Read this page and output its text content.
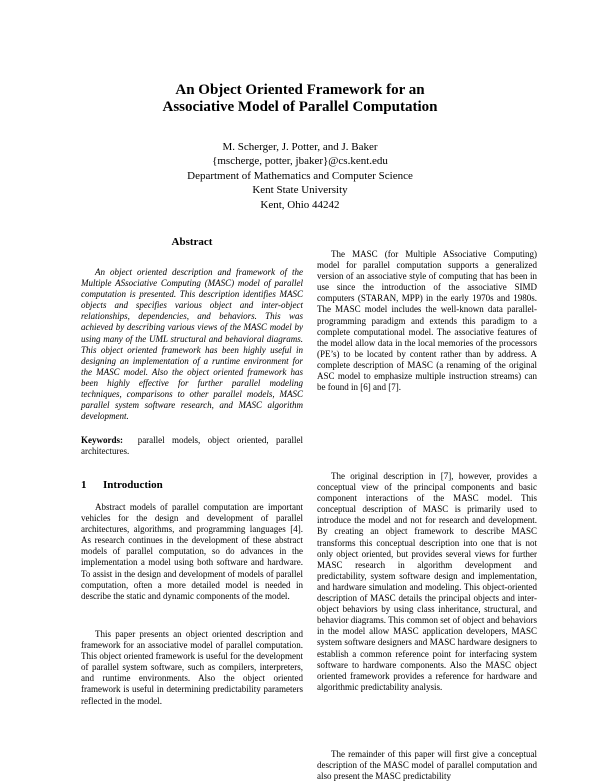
An Object Oriented Framework for an
Associative Model of Parallel Computation
M. Scherger, J. Potter, and J. Baker
{mscherge, potter, jbaker}@cs.kent.edu
Department of Mathematics and Computer Science
Kent State University
Kent, Ohio 44242
Abstract

An object oriented description and framework of the Multiple ASsociative Computing (MASC) model of parallel computation is presented. This description identifies MASC objects and specifies various object and inter-object relationships, dependencies, and behaviors. This was achieved by describing various views of the MASC model by using many of the UML structural and behavioral diagrams. This object oriented framework has been highly useful in designing an implementation of a runtime environment for the MASC model. Also the object oriented framework has been highly effective for further parallel modeling techniques, comparisons to other parallel models, MASC parallel system software research, and MASC algorithm development.

Keywords: parallel models, object oriented, parallel architectures.

1 Introduction

Abstract models of parallel computation are important vehicles for the design and development of parallel architectures, algorithms, and programming languages [4]. As research continues in the development of these abstract models of parallel computation, so do advances in the implementation a model using both software and hardware. To assist in the design and development of models of parallel computation, often a more detailed model is needed in describe the static and dynamic components of the model.

This paper presents an object oriented description and framework for an associative model of parallel computation. This object oriented framework is useful for the development of parallel system software, such as compilers, interpreters, and runtime environments. Also the object oriented framework is useful in determining predictability parameters reflected in the model.

The MASC (for Multiple ASsociative Computing) model for parallel computation supports a generalized version of an associative style of computing that has been in use since the introduction of the associative SIMD computers (STARAN, MPP) in the early 1970s and 1980s. The MASC model includes the well-known data parallel-programming paradigm and extends this paradigm to a complete computational model. The associative features of the model allow data in the local memories of the processors (PE’s) to be located by content rather than by address. A complete description of MASC (a renaming of the original ASC model to emphasize multiple instruction streams) can be found in [6] and [7].

The original description in [7], however, provides a conceptual view of the principal components and basic component interactions of the MASC model. This conceptual description of MASC is primarily used to introduce the model and not for research and development. By creating an object framework to describe MASC transforms this conceptual description into one that is not only object oriented, but provides several views for further MASC research in algorithm development and predictability, system software design and implementation, and hardware simulation and modeling. This object-oriented description of MASC details the principal objects and inter-object behaviors by using class inheritance, structural, and behavior diagrams. This common set of object and behaviors in the model allow MASC application developers, MASC system software designers and MASC hardware designers to establish a common reference point for interfacing system software to hardware components. Also the MASC object oriented framework provides a reference for hardware and algorithmic predictability analysis.

The remainder of this paper will first give a conceptual description of the MASC model of parallel computation and also present the MASC predictability
